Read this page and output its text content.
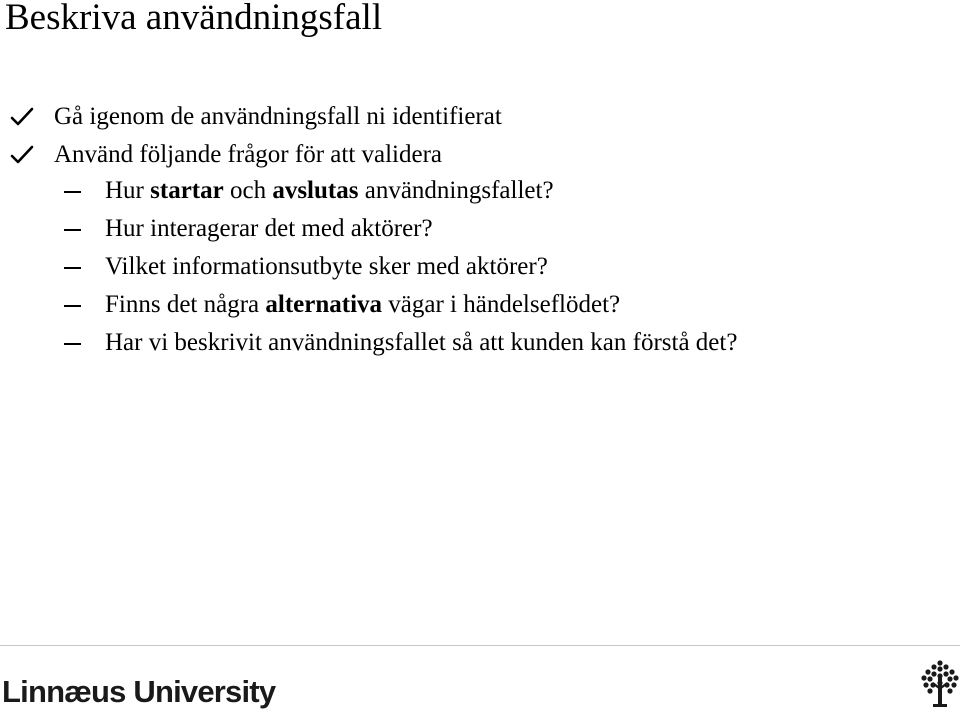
Beskriva användningsfall
Gå igenom de användningsfall ni identifierat
Använd följande frågor för att validera
Hur startar och avslutas användningsfallet?
Hur interagerar det med aktörer?
Vilket informationsutbyte sker med aktörer?
Finns det några alternativa vägar i händelseflödet?
Har vi beskrivit användningsfallet så att kunden kan förstå det?
Linnæus University
